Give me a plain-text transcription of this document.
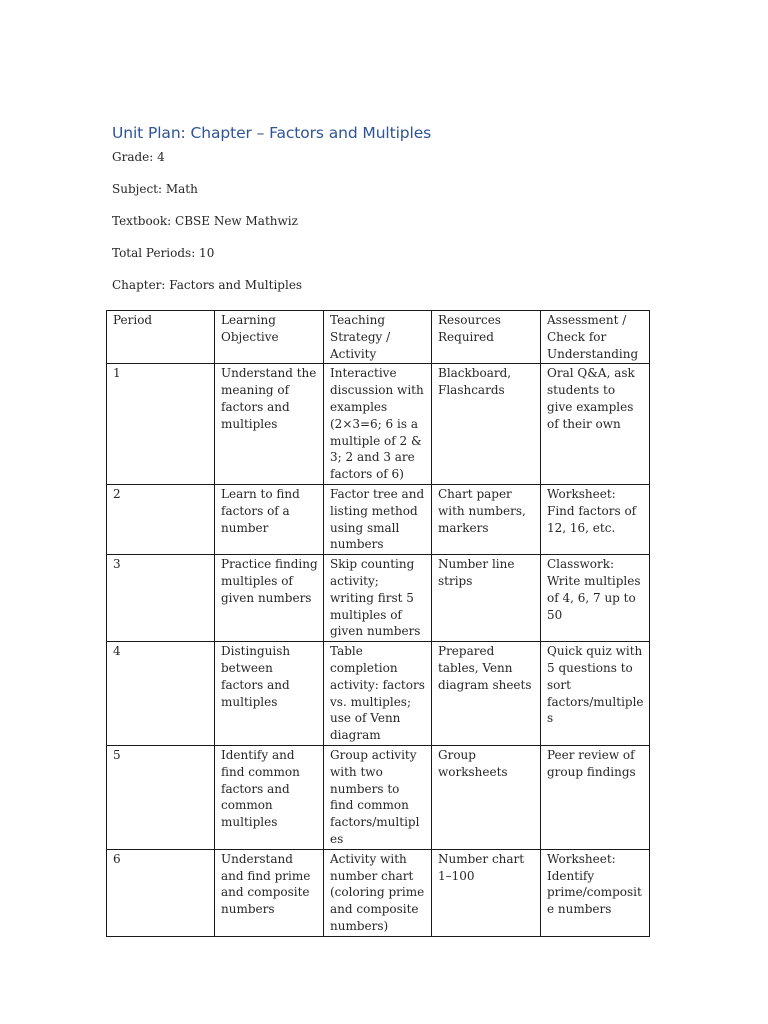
Unit Plan: Chapter – Factors and Multiples
Grade: 4
Subject: Math
Textbook: CBSE New Mathwiz
Total Periods: 10
Chapter: Factors and Multiples
Period	Learning Objective	Teaching Strategy / Activity	Resources Required	Assessment / Check for Understanding
1	Understand the meaning of factors and multiples	Interactive discussion with examples (2×3=6; 6 is a multiple of 2 & 3; 2 and 3 are factors of 6)	Blackboard, Flashcards	Oral Q&A, ask students to give examples of their own
2	Learn to find factors of a number	Factor tree and listing method using small numbers	Chart paper with numbers, markers	Worksheet: Find factors of 12, 16, etc.
3	Practice finding multiples of given numbers	Skip counting activity; writing first 5 multiples of given numbers	Number line strips	Classwork: Write multiples of 4, 6, 7 up to 50
4	Distinguish between factors and multiples	Table completion activity: factors vs. multiples; use of Venn diagram	Prepared tables, Venn diagram sheets	Quick quiz with 5 questions to sort factors/multiples
5	Identify and find common factors and common multiples	Group activity with two numbers to find common factors/multiples	Group worksheets	Peer review of group findings
6	Understand and find prime and composite numbers	Activity with number chart (coloring prime and composite numbers)	Number chart 1–100	Worksheet: Identify prime/composite numbers
